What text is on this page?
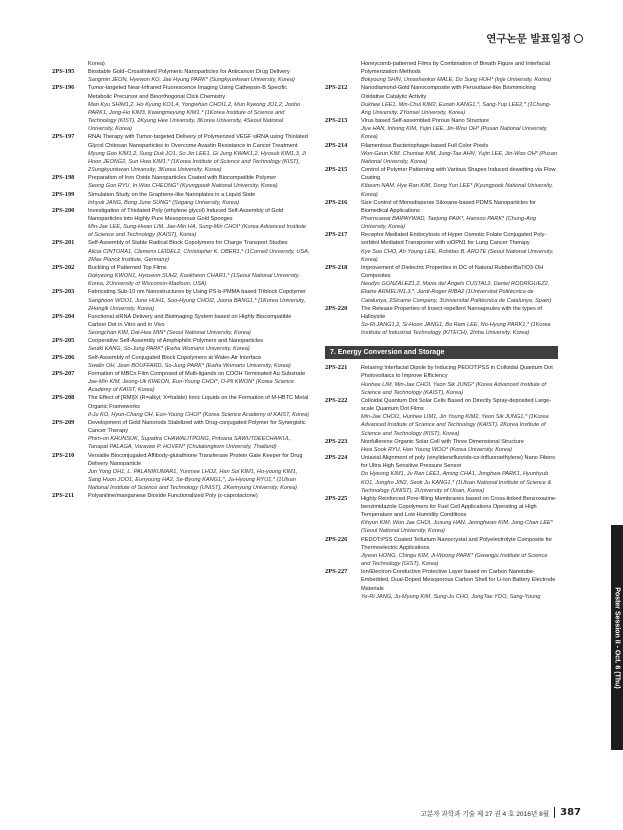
연구논문 발표일정
Korea)
2PS-195 Biostable Gold–Crosslinked Polymeric Nanoparticles for Anticancer Drug Delivery
Sangmin JEON, Hyewon KO, Jae Hyung PARK* (Sungkyunkwan University, Korea)
2PS-196 Tumor-targeted Near-Infrared Fluorescence Imaging Using Cathepsin-B Specific Metabolic Precursor and Bioorthogonal Click Chemistry
Man Kyu SHIM1,2, Ho Kyung KO1,4, Yongwhan CHOI1,2, Mun Kyeong JO1,2, Jooho PARK1, Jong-Ho KIM3, Kwangmeyung KIM1,* (1Korea Institute of Science and Technology (KIST), 2Kyung Hee University, 3Korea University, 4Seoul National University, Korea)
2PS-197 RNAi Therapy with Tumor-targeted Delivery of Polymerized VEGF siRNA using Thiolated Glycol Chitosan Nanoparticles to Overcome Avastin Resistance in Cancer Treatment
Myung Goo KIM1,2, Sung Duk JO1, So Jin LEE1, Gi Jung KWAK1,2, Hyosuk KIM1,3, Ji Hoon JEONG2, Sun Hwa KIM1,* (1Korea Institute of Science and Technology (KIST), 2Sungkyunkwan University, 3Korea University, Korea)
2PS-198 Preparation of Iron Oxide Nanoparticles Coated with Biocompatible Polymer
Seong Gon RYU, In Woo CHEONG* (Kyungpook National University, Korea)
2PS-199 Simulation Study on the Graphene-like Nanoplates in a Liquid State
Inhyuk JANG, Bong June SUNG* (Sogang University, Korea)
2PS-200 Investigation of Thiolated Poly (ethylene glycol) Induced Self-Assembly of Gold Nanoparticles into Highly Pure Mesoporous Gold Sponges
Min-Jae LEE, Sung-Hwan LIM, Jae-Min HA, Sung-Min CHOI* (Korea Advanced Institute of Science and Technology (KAIST), Korea)
2PS-201 Self-Assembly of Stable Radical Block Copolymers for Charge Transport Studies
Alicia CINTORA1, Clemens LEIDEL2, Christopher K. OBER1,* (1Cornell University, USA, 2Max Planck Institute, Germany)
2PS-202 Buckling of Patterned Top Films
Dokyeong KWON1, Hyoseon SUH2, Kookheon CHAR1,* (1Seoul National University, Korea, 2University of Wisconsin-Madison, USA)
2PS-203 Fabricating Sub-10 nm Nanostructures by Using PS-b-PMMA based Triblock Copolymer
Sanghoon WOO1, June HUH1, Soo-Hyung CHOI2, Joona BANG1,* (1Korea University, 2Hongik University, Korea)
2PS-204 Functional siRNA Delivery and Bioimaging System based on Highly Biocompatible Carbon Dot in Vitro and in Vivo
Seongchan KIM, Dal-Hee MIN* (Seoul National University, Korea)
2PS-205 Cooperative Self-Assembly of Amphiphilic Polymers and Nanoparticles
Seulki KANG, So-Jung PARK* (Ewha Womans University, Korea)
2PS-206 Self-Assembly of Conjugated Block Copolymers at Water-Air Interface
Swalin OH, Jean BOUFFARD, So-Jung PARK* (Ewha Womans University, Korea)
2PS-207 Formation of MBCn Film Composed of Multi-ligands on COOH Terminated Au Substrate
Jae-Min KIM, Jeong-Uk KWEON, Eun-Young CHOI*, O-Pil KWON* (Korea Science Academy of KAIST, Korea)
2PS-208 The Effect of [RMI]X (R=alkyl; X=halide) Ionic Liquids on the Formation of M-HBTC Metal Organic Frameworks
Il-Ju KO, Hyun-Chang OH, Eun-Young CHOI* (Korea Science Academy of KAIST, Korea)
2PS-209 Development of Gold Nanorods Stabilized with Drug-conjugated Polymer for Synergistic Cancer Therapy
Phim-on KHUNSUK, Supattra CHAWALITPONG, Pritsana SAWUTDEECHAIKUL, Tanapat PALAGA, Voravee P. HOVEN* (Chulalongkorn University, Thailand)
2PS-210 Versatile Bioconjugated Affibody-glutathione Transferase Protein Gate Keeper for Drug Delivery Nanoparticle
Jun Yong OH1, L. PALANIKUMAR1, Yunmee LHO2, Han Sol KIM1, Ho-young KIM1, Sang Hoon JOO1, Eunyoung HA2, Se-Byung KANG1,*, Ja-Hyoung RYU1,* (1Ulsan National Institute of Science and Technology (UNIST), 2Keimyung University, Korea)
2PS-211 Polyaniline/manganese Dioxide Functionalized Poly (ε-caprolactone)
Honeycomb-patterned Films by Combination of Breath Figure and Interfacial Polymerization Methods
Bokyoung SHIN, Umashankar MALE, Do Sung HUH* (Inje University, Korea)
2PS-212 Nanodiamond-Gold Nanocomposite with Peroxidase-like Biomimicking Oxidative Catalytic Activity
Dukhee LEE1, Min-Chul KIM2, Eunah KANG1,*, Sang-Yup LEE2,* (1Chung-Ang University, 2Yonsei University, Korea)
2PS-213 Virus based Self-assembled Porous Nano Structure
Jiye HAN, Inhong KIM, Yujin LEE, Jin-Woo OH* (Pusan National University, Korea)
2PS-214 Filamentous Bacteriophage-based Full Color Pixels
Won-Geun KIM, Chuntae KIM, Jung-Tae AHN, Yujin LEE, Jin-Woo OH* (Pusan National University, Korea)
2PS-215 Control of Polymer Patterning with Various Shapes Induced dewetting via Flow Coating
Kibeom NAM, Hye Ran KIM, Dong Yun LEE* (Kyungpook National University, Korea)
2PS-216 Size Control of Monodisperse Siloxane-based PDMS Nanoparticles for Biomedical Applications
Phornsawat BAIPAYWAD, Taejong PAIK*, Hansoo PARK* (Chung-Ang University, Korea)
2PS-217 Receptor Mediated Endocytosis of Hyper Osmotic Folate Conjugated Poly-sorbitol Mediated Transporter with siOPN1 for Lung Cancer Therapy
Kye Soo CHO, Ah Young LEE, Rohidas B. AROTE (Seoul National University, Korea)
2PS-218 Improvement of Dielectric Properties in DC of Natural Rubber/BaTiO3-OH Composites
Neudys GONZÁLEZ1,2, Maria del Àngels CUSTAL2, Daniel RODRÍGUEZ2, Elaine ARMELIN1,3,*, Jordi-Roger RIBA2 (1Universitat Politècnica de Catalunya, 2Sicame Company, 3Universitat Politècnica de Catalunya, Spain)
2PS-220 The Release Properties of Insect-repellent Nanoapsules with the types of Halloysite
So-Ri JANG1,2, Si-Hoon JANG1, Bo Ram LEE, No-Hyung PARK1,* (1Korea Institute of Industrial Technology (KITECH), 2Inha University, Korea)
7. Energy Conversion and Storage
2PS-221 Relaxing Interfacial Dipole by Inducing PEDOT:PSS in Colloidal Quantum Dot Photovoltaics to Improve Efficiency
Hunhee LIM, Min-Jae CHOI, Yeon Sik JUNG* (Korea Advanced Institute of Science and Technology (KAIST), Korea)
2PS-222 Colloidal Quantum Dot Solar Cells Based on Directly Spray-deposited Large-scale Quantum Dot Films
Min-Jae CHOI1, Hunhee LIM1, Jin Young KIM2, Yeon Sik JUNG1,* (1Korea Advanced Institute of Science and Technology (KAIST), 2Korea Institute of Science and Technology (KIST), Korea)
2PS-223 Nonfullerene Organic Solar Cell with Three Dimensional Structure
Hwa Sook RYU, Han Young WOO* (Korea University, Korea)
2PS-224 Uniaxial Alignment of poly (vinylidenefluoride-co-trifluoroethylene) Nano Fibers for Ultra High Sensitive Pressure Sensor
Do Hyeong KIM1, Ju Ran LEE1, Aming CHA1, Jonghwa PARK1, Hyunhyub KO1, Jungho JIN2, Seok Ju KANG1,* (1Ulsan National Institute of Science & Technology (UNIST), 2University of Ulsan, Korea)
2PS-225 Highly Reinforced Pore-filling Membranes based on Cross-linked Benzoxazine-benzimidazole Copolymers for Fuel Cell Applications Operating at High Temperature and Low Humidity Conditions
Kihyun KIM, Won Jae CHOI, Jusung HAN, Jeonghwan KIM, Jong-Chan LEE* (Seoul National University, Korea)
2PS-226 PEDOT:PSS Coated Tellurium Nanocrystal and Polyelectrolyte Composite for Thermoelectric Applications
Jiyeon HONG, Chingu KIM, Ji-Woong PARK* (Gwangju Institute of Science and Technology (GIST), Korea)
2PS-227 Ion/Electron-Conductive Protective Layer based on Carbon Nanotube-Embedded, Dual-Doped Mesoporous Carbon Shell for Li-Ion Battery Electrode Materials
Ye-Ri JANG, Ju-Myung KIM, Sung-Ju CHO, JongTae YOO, Sang-Young	Poster Session II - Oct. 6 (Thu)
고분자 과학과 기술 제 27 권 4 호 2016년 8월 387
